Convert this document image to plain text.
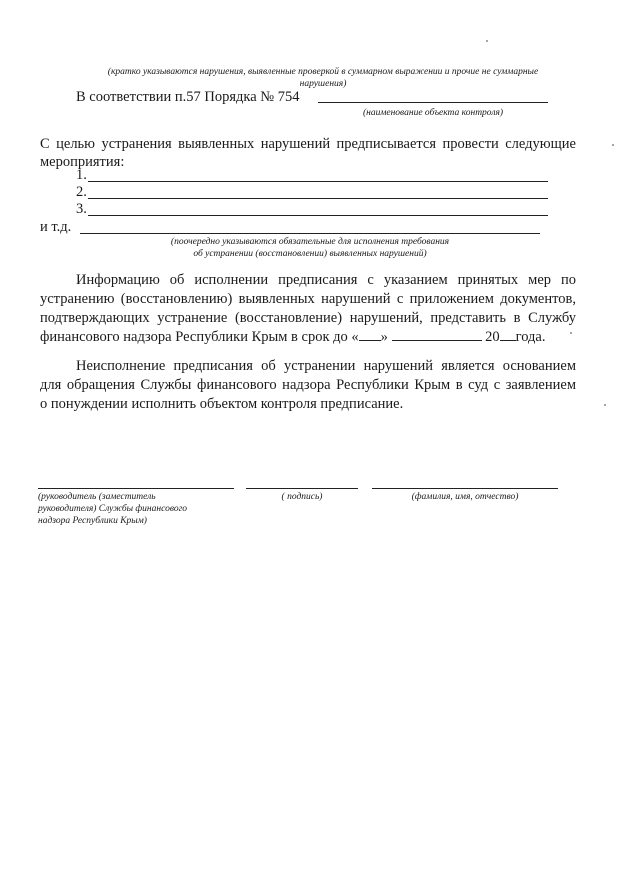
(кратко указываются нарушения, выявленные проверкой в суммарном выражении и прочие не суммарные
нарушения)
В соответствии п.57 Порядка № 754
(наименование объекта контроля)
С целью устранения выявленных нарушений предписывается провести следующие
мероприятия:
1.
2.
3.
и т.д.
(поочередно указываются обязательные для исполнения требования
об устранении (восстановлении) выявленных нарушений)
Информацию об исполнении предписания с указанием принятых мер по
устранению (восстановлению) выявленных нарушений с приложением документов,
подтверждающих устранение (восстановление) нарушений, представить в Службу
финансового надзора Республики Крым в срок до « »	20 года.
Неисполнение предписания об устранении нарушений является основанием
для обращения Службы финансового надзора Республики Крым в суд с заявлением
о понуждении исполнить объектом контроля предписание.
(руководитель (заместитель
руководителя) Службы финансового
надзора Республики Крым)
( подпись)	(фамилия, имя, отчество)
